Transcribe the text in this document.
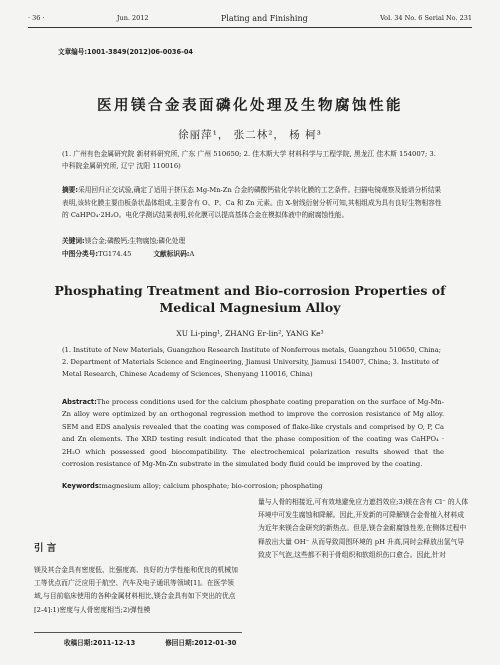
· 36 ·	Jun. 2012	Plating and Finishing	Vol. 34 No. 6 Serial No. 231
文章编号:1001-3849(2012)06-0036-04
医用镁合金表面磷化处理及生物腐蚀性能
徐丽萍¹， 张二林²， 杨 柯³
(1. 广州有色金属研究院 新材料研究所, 广东 广州 510650; 2. 佳木斯大学 材料科学与工程学院, 黑龙江 佳木斯 154007; 3. 中科院金属研究所, 辽宁 沈阳 110016)
摘要:采用回归正交试验,确定了适用于挤压态 Mg-Mn-Zn 合金的磷酸钙盐化学转化膜的工艺条件。扫描电镜观察及能谱分析结果表明,该转化膜主要由板条状晶体组成,主要含有 O、P、Ca 和 Zn 元素。由 X-射线衍射分析可知,其相组成为具有良好生物相容性的 CaHPO₄·2H₂O。电化学测试结果表明,转化膜可以提高基体合金在模拟体液中的耐腐蚀性能。
关键词:镁合金;磷酸钙;生物腐蚀;磷化处理
中图分类号:TG174.45	文献标识码:A
Phosphating Treatment and Bio-corrosion Properties of
Medical Magnesium Alloy
XU Li-ping¹, ZHANG Er-lin², YANG Ke³
(1. Institute of New Materials, Guangzhou Research Institute of Nonferrous metals, Guangzhou 510650, China; 2. Department of Materials Science and Engineering, Jiamusi University, Jiamusi 154007, China; 3. Institute of Metal Research, Chinese Academy of Sciences, Shenyang 110016, China)
Abstract:The process conditions used for the calcium phosphate coating preparation on the surface of Mg-Mn-Zn alloy were optimized by an orthogonal regression method to improve the corrosion resistance of Mg alloy. SEM and EDS analysis revealed that the coating was composed of flake-like crystals and comprised by O, P, Ca and Zn elements. The XRD testing result indicated that the phase composition of the coating was CaHPO₄ · 2H₂O which possessed good biocompatibility. The electrochemical polarization results showed that the corrosion resistance of Mg-Mn-Zn substrate in the simulated body fluid could be improved by the coating.
Keywords:magnesium alloy; calcium phosphate; bio-corrosion; phosphating
引 言
镁及其合金具有密度低、比强度高、良好的力学性能和优良的机械加工等优点而广泛应用于航空、汽车及电子通讯等领域[1]。在医学领域,与目前临床使用的各种金属材料相比,镁合金具有如下突出的优点[2-4]:1)密度与人骨密度相当;2)弹性模
量与人骨的相接近,可有效地避免应力遮挡效应;3)镁在含有 Cl⁻ 的人体环境中可发生腐蚀和降解。因此,开发新的可降解镁合金骨植入材料成为近年来镁合金研究的新热点。但是,镁合金耐腐蚀性差,在侧体过程中释放出大量 OH⁻ 从而导致周围环境的 pH 升高,同时会释放出氢气导致皮下气泡,这些都不利于骨组织和软组织伤口愈合。因此,针对
收稿日期:2011-12-13	修回日期:2012-01-30
